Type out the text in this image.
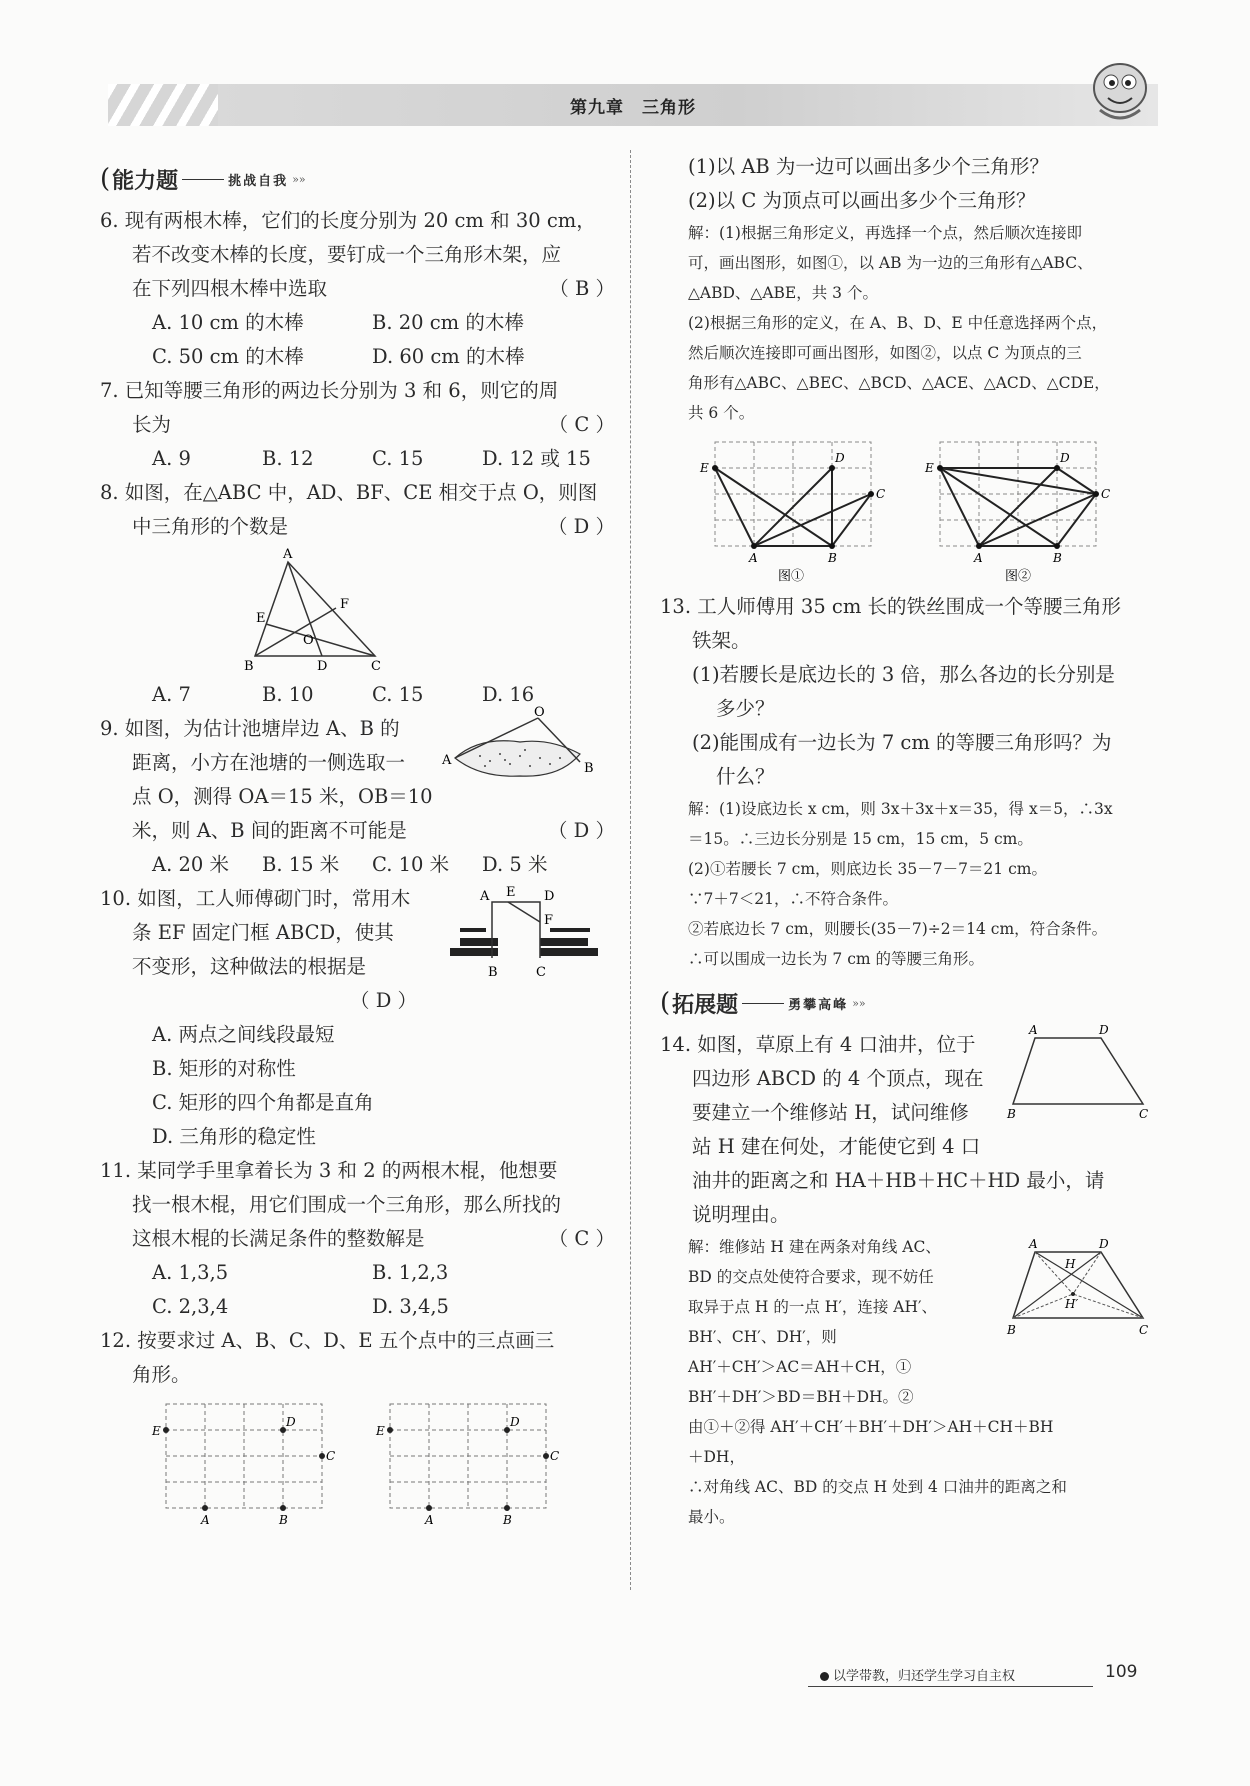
第九章　三角形
( 能力题	挑战自我 »»
6. 现有两根木棒，它们的长度分别为 20 cm 和 30 cm，
若不改变木棒的长度，要钉成一个三角形木架，应
在下列四根木棒中选取	（ B ）
A. 10 cm 的木棒	B. 20 cm 的木棒
C. 50 cm 的木棒	D. 60 cm 的木棒
7. 已知等腰三角形的两边长分别为 3 和 6，则它的周
长为	（ C ）
A. 9	B. 12	C. 15	D. 12 或 15
8. 如图，在△ABC 中，AD、BF、CE 相交于点 O，则图
中三角形的个数是	（ D ）
A
B	C
D
E
F
O
A. 7	B. 10	C. 15	D. 16
9. 如图，为估计池塘岸边 A、B 的
距离，小方在池塘的一侧选取一
点 O，测得 OA＝15 米，OB＝10
米，则 A、B 间的距离不可能是	（ D ）
O
A
B
A. 20 米	B. 15 米	C. 10 米	D. 5 米
10. 如图，工人师傅砌门时，常用木
条 EF 固定门框 ABCD，使其
不变形，这种做法的根据是
（ D ）
A E D
F
B	C
A. 两点之间线段最短
B. 矩形的对称性
C. 矩形的四个角都是直角
D. 三角形的稳定性
11. 某同学手里拿着长为 3 和 2 的两根木棍，他想要
找一根木棍，用它们围成一个三角形，那么所找的
这根木棍的长满足条件的整数解是	（ C ）
A. 1,3,5	B. 1,2,3
C. 2,3,4	D. 3,4,5
12. 按要求过 A、B、C、D、E 五个点中的三点画三
角形。
E
D
C
A	B
E
D
C
A	B
(1)以 AB 为一边可以画出多少个三角形？
(2)以 C 为顶点可以画出多少个三角形？
解：(1)根据三角形定义，再选择一个点，然后顺次连接即
可，画出图形，如图①，以 AB 为一边的三角形有△ABC、
△ABD、△ABE，共 3 个。
(2)根据三角形的定义，在 A、B、D、E 中任意选择两个点，
然后顺次连接即可画出图形，如图②，以点 C 为顶点的三
角形有△ABC、△BEC、△BCD、△ACE、△ACD、△CDE，
共 6 个。
E
D
C
A	B
E
D
C
A	B
图①	图②
13. 工人师傅用 35 cm 长的铁丝围成一个等腰三角形
铁架。
(1)若腰长是底边长的 3 倍，那么各边的长分别是
多少？
(2)能围成有一边长为 7 cm 的等腰三角形吗？为
什么？
解：(1)设底边长 x cm，则 3x＋3x＋x＝35，得 x＝5，∴3x
＝15。∴三边长分别是 15 cm，15 cm，5 cm。
(2)①若腰长 7 cm，则底边长 35－7－7＝21 cm。
∵7＋7＜21，∴不符合条件。
②若底边长 7 cm，则腰长(35－7)÷2＝14 cm，符合条件。
∴可以围成一边长为 7 cm 的等腰三角形。
( 拓展题	勇攀高峰 »»
14. 如图，草原上有 4 口油井，位于
四边形 ABCD 的 4 个顶点，现在
要建立一个维修站 H，试问维修
站 H 建在何处，才能使它到 4 口
油井的距离之和 HA＋HB＋HC＋HD 最小，请
说明理由。
A	D
B	C
解：维修站 H 建在两条对角线 AC、
BD 的交点处使符合要求，现不妨任
取异于点 H 的一点 H′，连接 AH′、
BH′、CH′、DH′，则
AH′＋CH′＞AC＝AH＋CH，①
BH′＋DH′＞BD＝BH＋DH。②
由①＋②得 AH′＋CH′＋BH′＋DH′＞AH＋CH＋BH
＋DH，
∴对角线 AC、BD 的交点 H 处到 4 口油井的距离之和
最小。
A	D
B	C
H
H′
以学带教，归还学生学习自主权	109
